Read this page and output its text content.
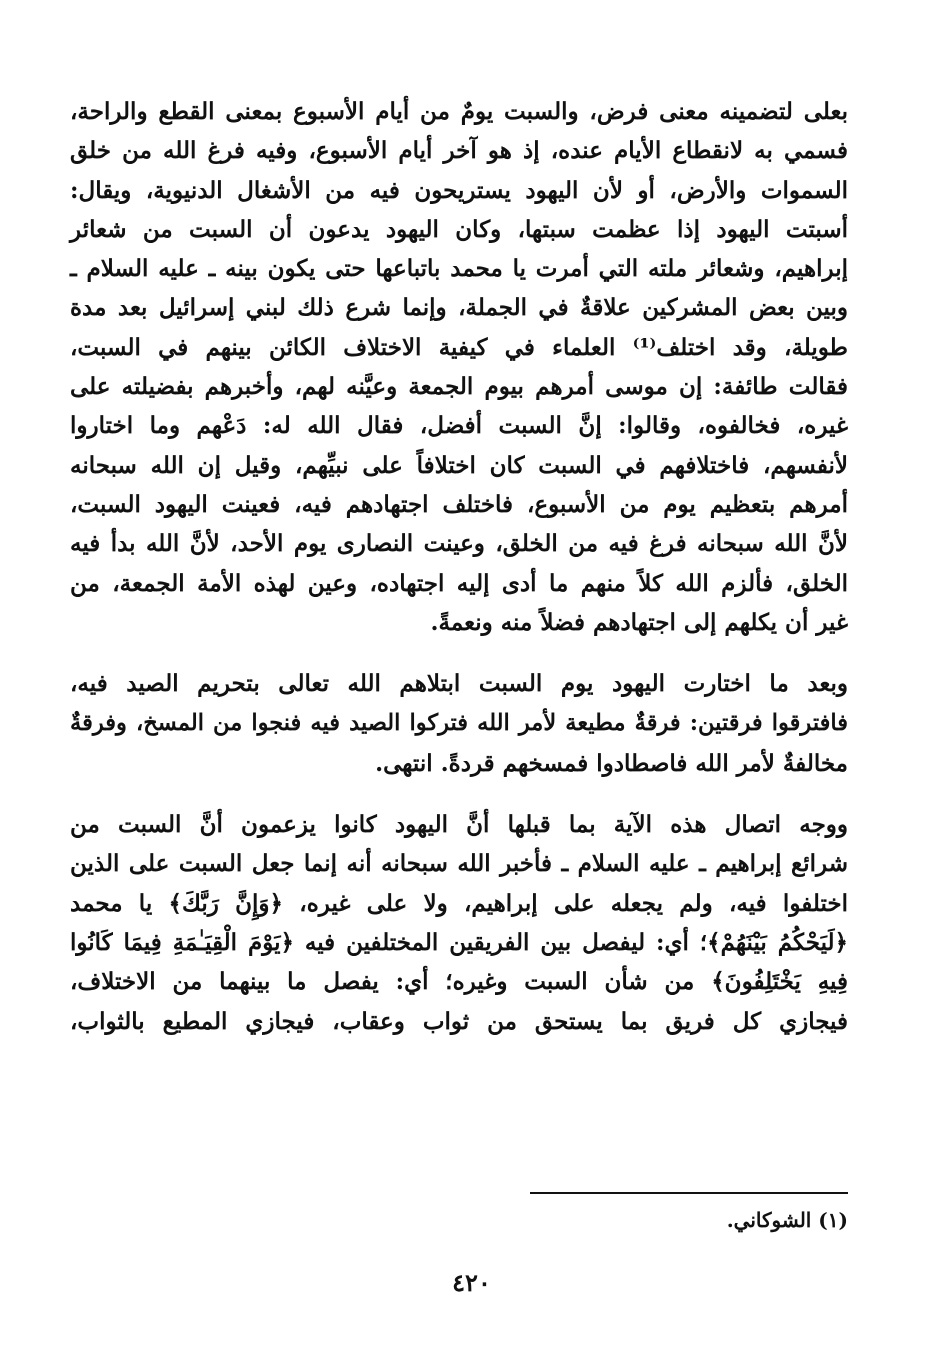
بعلى لتضمينه معنى فرض، والسبت يومٌ من أيام الأسبوع بمعنى القطع والراحة،
فسمي به لانقطاع الأيام عنده، إذ هو آخر أيام الأسبوع، وفيه فرغ الله من خلق
السموات والأرض، أو لأن اليهود يستريحون فيه من الأشغال الدنيوية، ويقال:
أسبتت اليهود إذا عظمت سبتها، وكان اليهود يدعون أن السبت من شعائر
إبراهيم، وشعائر ملته التي أمرت يا محمد باتباعها حتى يكون بينه ـ عليه السلام ـ
وبين بعض المشركين علاقةٌ في الجملة، وإنما شرع ذلك لبني إسرائيل بعد مدة
طويلة، وقد اختلف⁽¹⁾ العلماء في كيفية الاختلاف الكائن بينهم في السبت،
فقالت طائفة: إن موسى أمرهم بيوم الجمعة وعيَّنه لهم، وأخبرهم بفضيلته على
غيره، فخالفوه، وقالوا: إنَّ السبت أفضل، فقال الله له: دَعْهم وما اختاروا
لأنفسهم، فاختلافهم في السبت كان اختلافاً على نبيِّهم، وقيل إن الله سبحانه
أمرهم بتعظيم يوم من الأسبوع، فاختلف اجتهادهم فيه، فعينت اليهود السبت،
لأنَّ الله سبحانه فرغ فيه من الخلق، وعينت النصارى يوم الأحد، لأنَّ الله بدأ فيه
الخلق، فألزم الله كلاً منهم ما أدى إليه اجتهاده، وعين لهذه الأمة الجمعة، من
غير أن يكلهم إلى اجتهادهم فضلاً منه ونعمةً.

وبعد ما اختارت اليهود يوم السبت ابتلاهم الله تعالى بتحريم الصيد فيه،
فافترقوا فرقتين: فرقةٌ مطيعة لأمر الله فتركوا الصيد فيه فنجوا من المسخ، وفرقةٌ
مخالفةٌ لأمر الله فاصطادوا فمسخهم قردةً. انتهى.

ووجه اتصال هذه الآية بما قبلها أنَّ اليهود كانوا يزعمون أنَّ السبت من
شرائع إبراهيم ـ عليه السلام ـ فأخبر الله سبحانه أنه إنما جعل السبت على الذين
اختلفوا فيه، ولم يجعله على إبراهيم، ولا على غيره، ﴿وَإِنَّ رَبَّكَ﴾ يا محمد
﴿لَيَحْكُمُ بَيْنَهُمْ﴾؛ أي: ليفصل بين الفريقين المختلفين فيه ﴿يَوْمَ الْقِيَـٰمَةِ فِيمَا كَانُوا
فِيهِ يَخْتَلِفُونَ﴾ من شأن السبت وغيره؛ أي: يفصل ما بينهما من الاختلاف،
فيجازي كل فريق بما يستحق من ثواب وعقاب، فيجازي المطيع بالثواب،

(١) الشوكاني.
٤٢٠
